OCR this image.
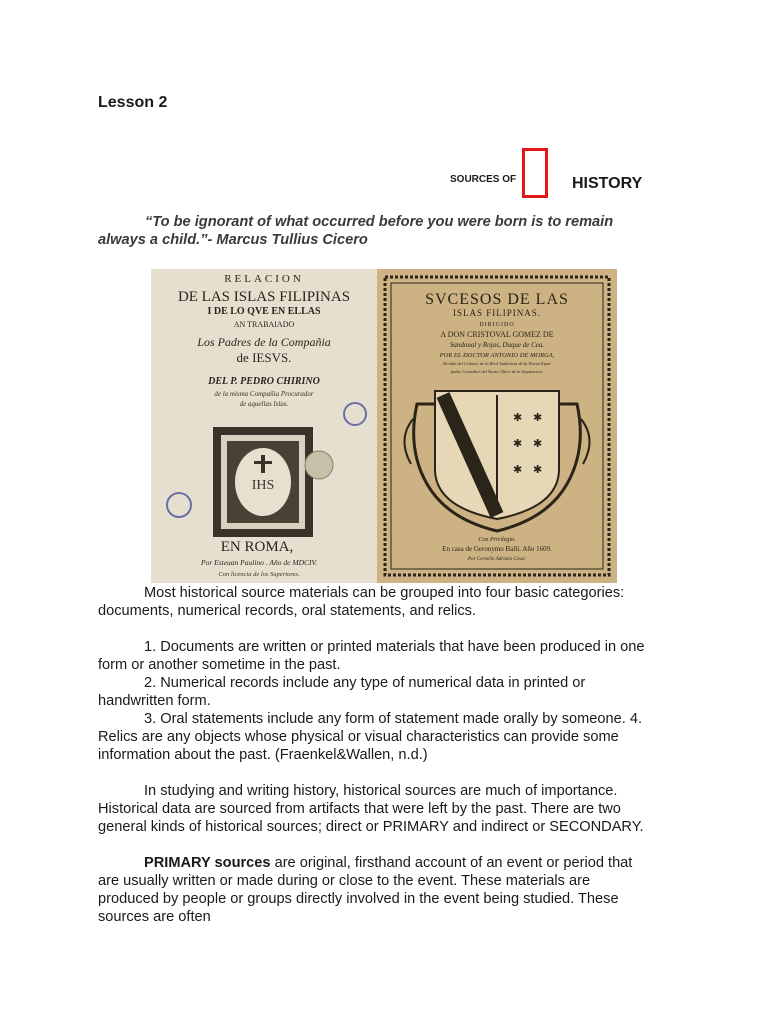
Lesson 2
SOURCES OF	HISTORY
“To be ignorant of what occurred before you were born is to remain
always a child.”- Marcus Tullius Cicero
RELACION
DE LAS ISLAS FILIPINAS
I DE LO QVE EN ELLAS
AN TRABAIADO
Los Padres de la Compañia
de IESVS.
DEL P. PEDRO CHIRINO
de la misma Compañia Procurador
de aquellas Islas.
IHS
EN ROMA,
Por Esteuan Paulino . Año de MDCIV.
Con licencia de los Superiores.
SVCESOS DE LAS
ISLAS FILIPINAS.
DIRIGIDO
A DON CRISTOVAL GOMEZ DE
Sandoual y Rojas, Duque de Cea.
POR EL DOCTOR ANTONIO DE MORGA,
Alcalde del Crimen, de la Real Audiencia de la Nueva Espa-
paña, Consultor del Santo Oficio de la Inquisicion.
✱ ✱
✱ ✱
✱ ✱
Con Privilegio.
En casa de Geronymo Balli. Año 1609.
Por Cornelio Adriano Cesar.
Most historical source materials can be grouped into four basic categories:
documents, numerical records, oral statements, and relics.
1. Documents are written or printed materials that have been produced in one
form or another sometime in the past.
2. Numerical records include any type of numerical data in printed or
handwritten form.
3. Oral statements include any form of statement made orally by someone. 4.
Relics are any objects whose physical or visual characteristics can provide some
information about the past. (Fraenkel&Wallen, n.d.)
In studying and writing history, historical sources are much of importance.
Historical data are sourced from artifacts that were left by the past. There are two
general kinds of historical sources; direct or PRIMARY and indirect or SECONDARY.
PRIMARY sources are original, firsthand account of an event or period that
are usually written or made during or close to the event. These materials are
produced by people or groups directly involved in the event being studied. These
sources are often
